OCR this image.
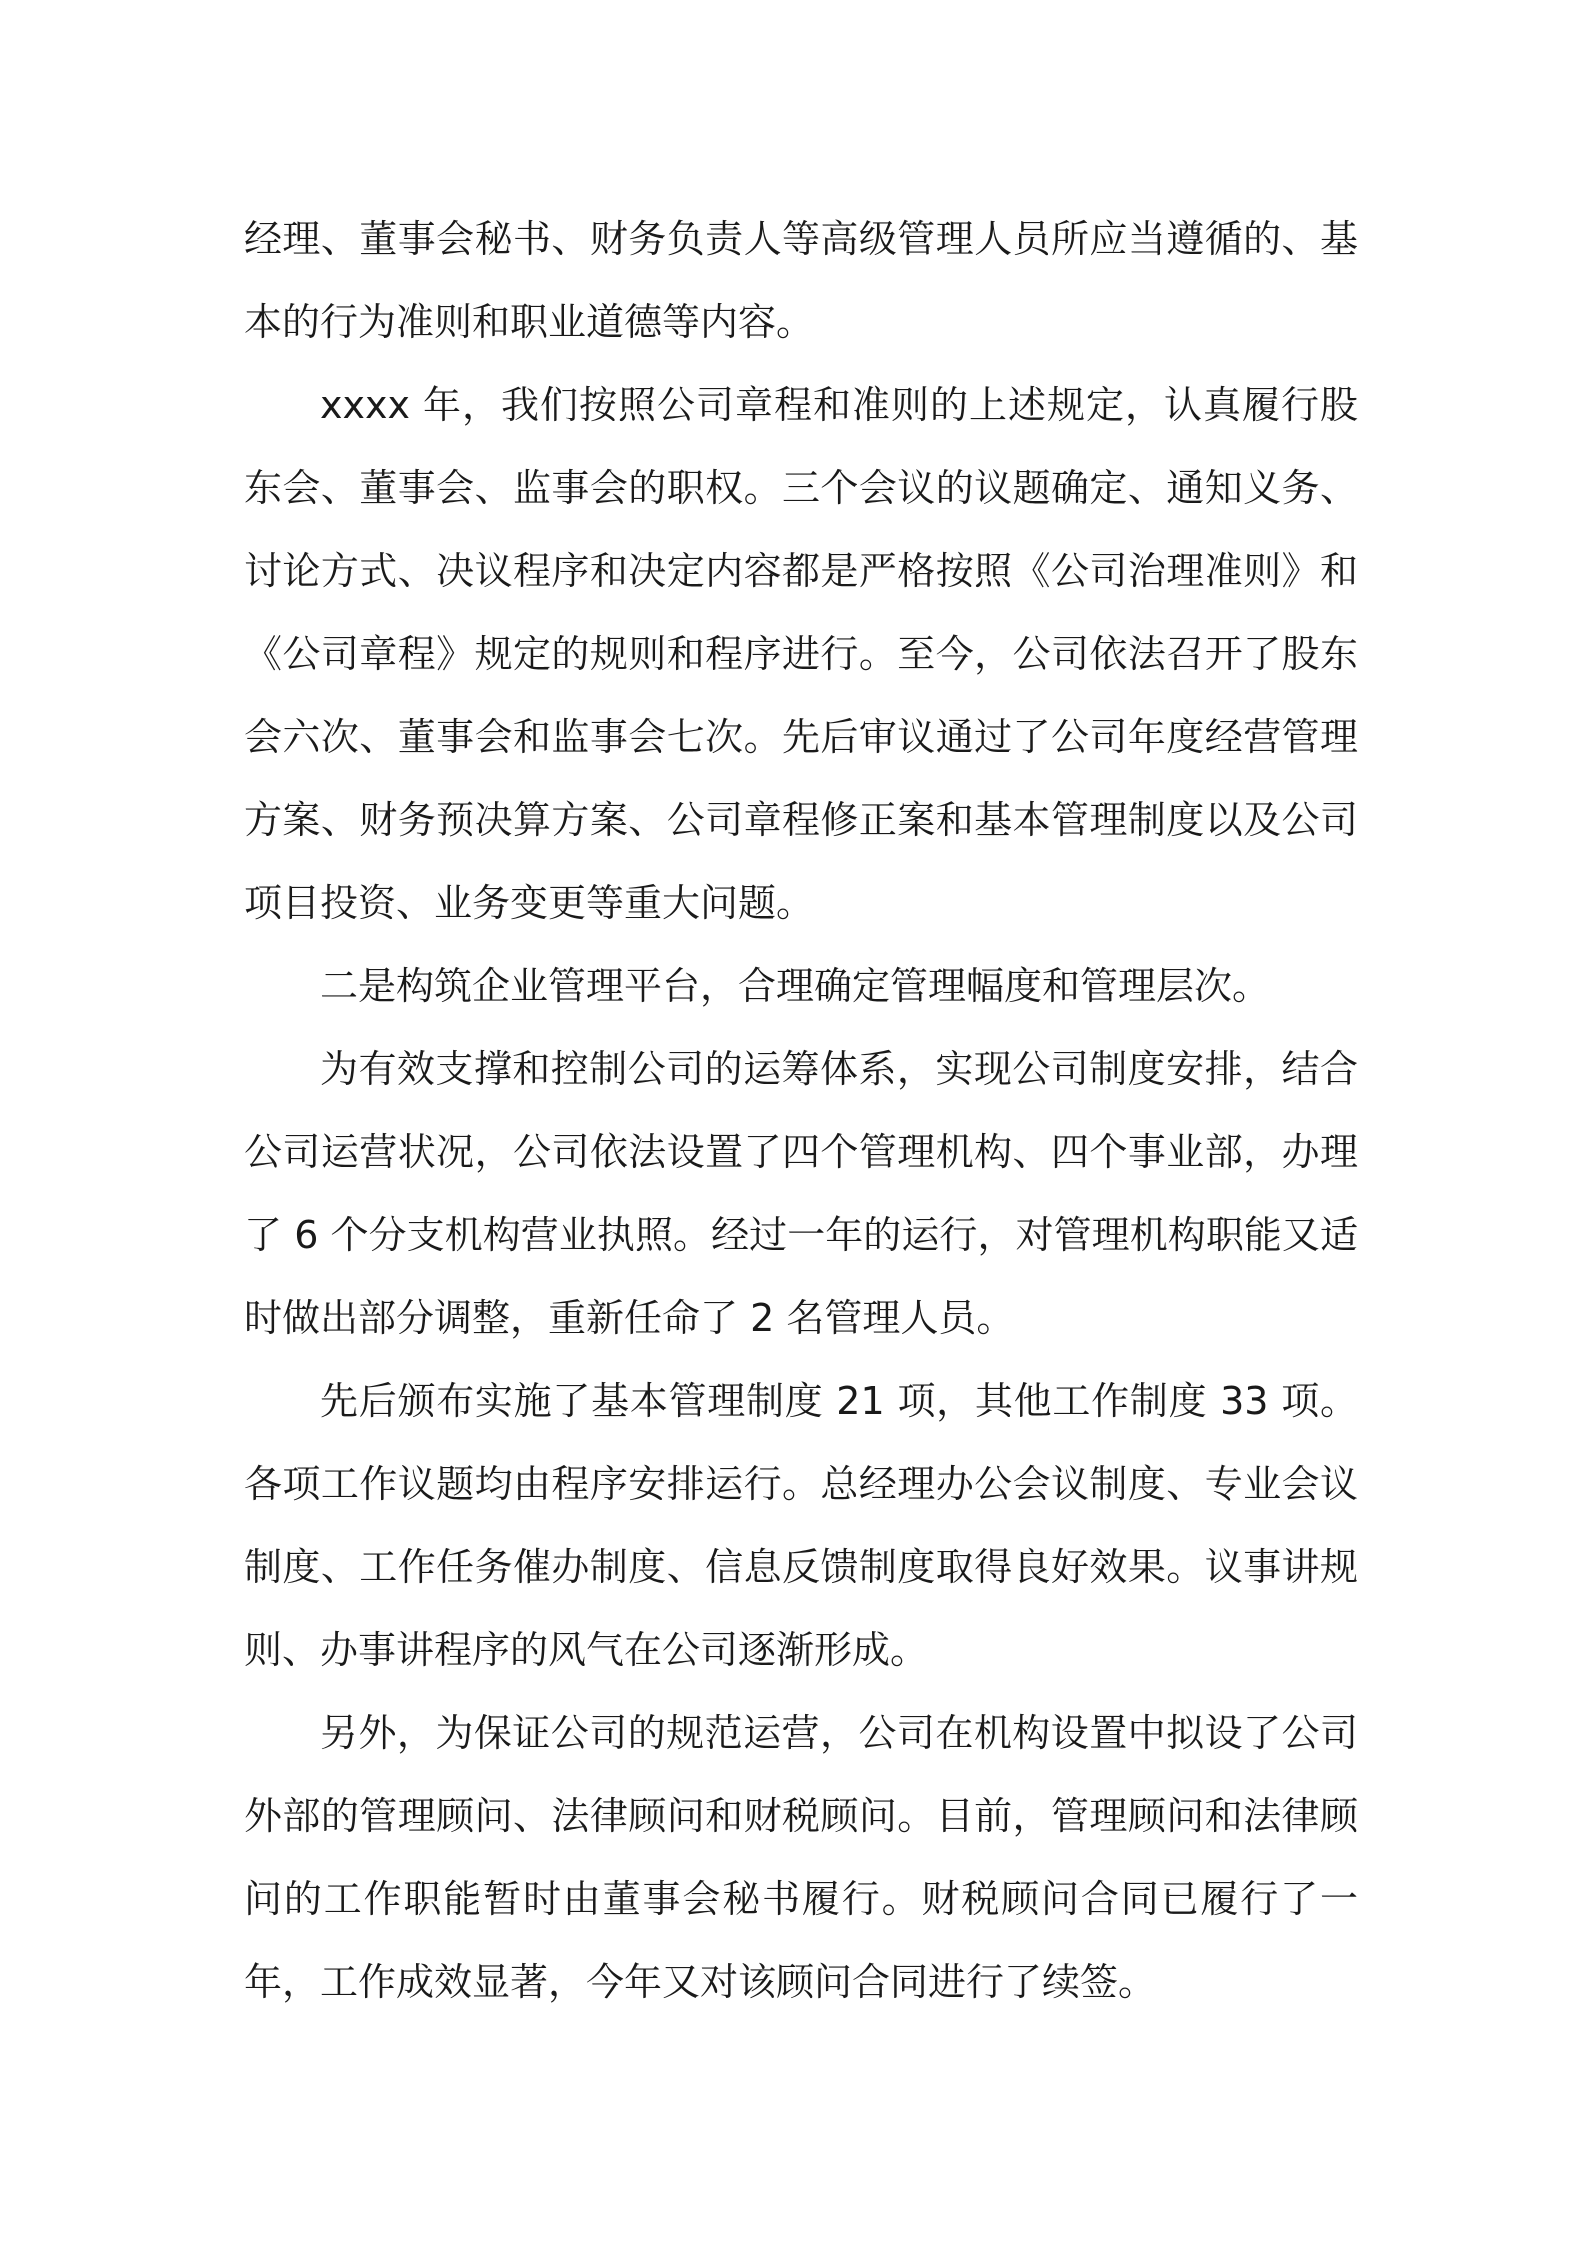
经理、董事会秘书、财务负责人等高级管理人员所应当遵循的、基本的行为准则和职业道德等内容。

xxxx 年，我们按照公司章程和准则的上述规定，认真履行股东会、董事会、监事会的职权。三个会议的议题确定、通知义务、讨论方式、决议程序和决定内容都是严格按照《公司治理准则》和《公司章程》规定的规则和程序进行。至今，公司依法召开了股东会六次、董事会和监事会七次。先后审议通过了公司年度经营管理方案、财务预决算方案、公司章程修正案和基本管理制度以及公司项目投资、业务变更等重大问题。

二是构筑企业管理平台，合理确定管理幅度和管理层次。

为有效支撑和控制公司的运筹体系，实现公司制度安排，结合公司运营状况，公司依法设置了四个管理机构、四个事业部，办理了 6 个分支机构营业执照。经过一年的运行，对管理机构职能又适时做出部分调整，重新任命了 2 名管理人员。

先后颁布实施了基本管理制度 21 项，其他工作制度 33 项。各项工作议题均由程序安排运行。总经理办公会议制度、专业会议制度、工作任务催办制度、信息反馈制度取得良好效果。议事讲规则、办事讲程序的风气在公司逐渐形成。

另外，为保证公司的规范运营，公司在机构设置中拟设了公司外部的管理顾问、法律顾问和财税顾问。目前，管理顾问和法律顾问的工作职能暂时由董事会秘书履行。财税顾问合同已履行了一年，工作成效显著，今年又对该顾问合同进行了续签。
